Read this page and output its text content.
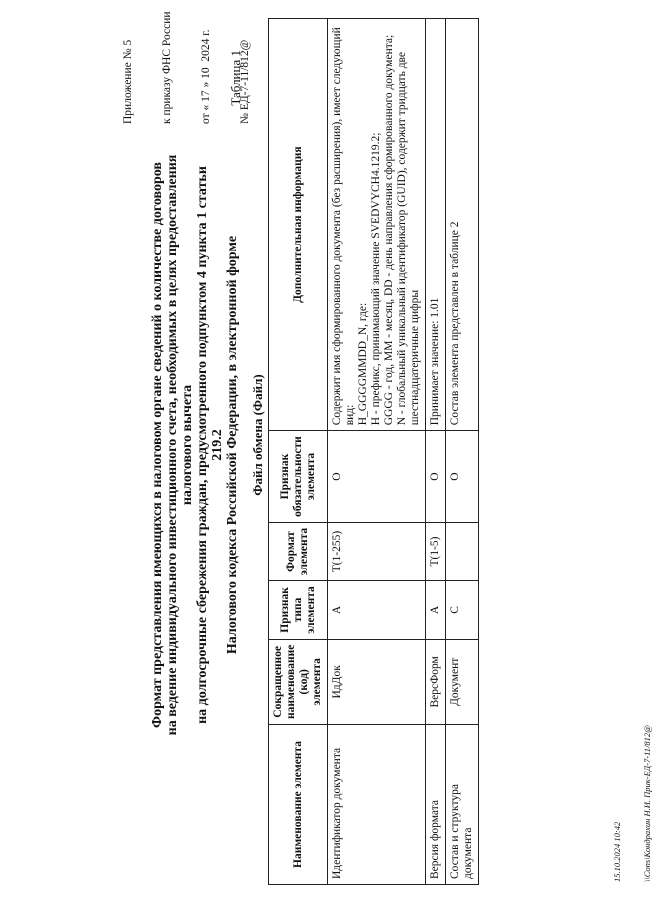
Приложение № 5

к приказу ФНС России

от « 17 » 10  2024 г.

№ ЕД-7-11/812@

Формат представления имеющихся в налоговом органе сведений о количестве договоров на ведение индивидуального инвестиционного счета, необходимых в целях предоставления налогового вычета на долгосрочные сбережения граждан, предусмотренного подпунктом 4 пункта 1 статьи 219.2 Налогового кодекса Российской Федерации, в электронной форме
Таблица 1
Файл обмена (Файл)
Наименование элемента	Сокращенное наименование (код) элемента	Признак типа элемента	Формат элемента	Признак обязательности элемента	Дополнительная информация
Идентификатор документа	ИдДок	А	T(1-255)	О	Содержит имя сформированного документа (без расширения), имеет следующий вид: H_GGGGMMDD_N, где: H - префикс, принимающий значение SVEDVYCH4.1219.2; GGGG - год, MM - месяц, DD - день направления сформированного документа; N - глобальный уникальный идентификатор (GUID), содержит тридцать две шестнадцатеричные цифры

Версия формата	ВерсФорм	А	T(1-5)	О	Принимает значение: 1.01

Состав и структура документа	Документ	С		О	Состав элемента представлен в таблице 2

15.10.2024 10:42

\\Cons\Кондрахин Н.И. Прик-ЕД-7-11/812@
